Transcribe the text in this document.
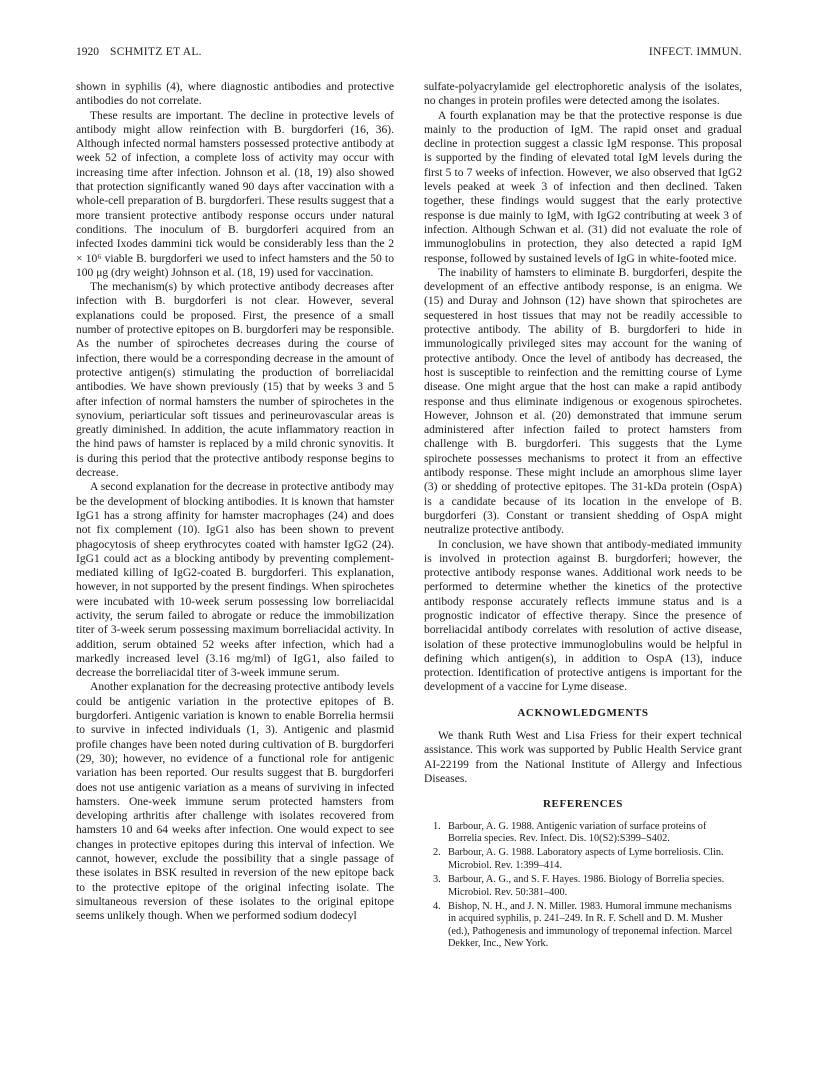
1920 SCHMITZ ET AL.	INFECT. IMMUN.

shown in syphilis (4), where diagnostic antibodies and protective antibodies do not correlate.

These results are important. The decline in protective levels of antibody might allow reinfection with B. burgdorferi (16, 36). Although infected normal hamsters possessed protective antibody at week 52 of infection, a complete loss of activity may occur with increasing time after infection. Johnson et al. (18, 19) also showed that protection significantly waned 90 days after vaccination with a whole-cell preparation of B. burgdorferi. These results suggest that a more transient protective antibody response occurs under natural conditions. The inoculum of B. burgdorferi acquired from an infected Ixodes dammini tick would be considerably less than the 2 × 10⁶ viable B. burgdorferi we used to infect hamsters and the 50 to 100 μg (dry weight) Johnson et al. (18, 19) used for vaccination.

The mechanism(s) by which protective antibody decreases after infection with B. burgdorferi is not clear. However, several explanations could be proposed. First, the presence of a small number of protective epitopes on B. burgdorferi may be responsible. As the number of spirochetes decreases during the course of infection, there would be a corresponding decrease in the amount of protective antigen(s) stimulating the production of borreliacidal antibodies. We have shown previously (15) that by weeks 3 and 5 after infection of normal hamsters the number of spirochetes in the synovium, periarticular soft tissues and perineurovascular areas is greatly diminished. In addition, the acute inflammatory reaction in the hind paws of hamster is replaced by a mild chronic synovitis. It is during this period that the protective antibody response begins to decrease.

A second explanation for the decrease in protective antibody may be the development of blocking antibodies. It is known that hamster IgG1 has a strong affinity for hamster macrophages (24) and does not fix complement (10). IgG1 also has been shown to prevent phagocytosis of sheep erythrocytes coated with hamster IgG2 (24). IgG1 could act as a blocking antibody by preventing complement-mediated killing of IgG2-coated B. burgdorferi. This explanation, however, in not supported by the present findings. When spirochetes were incubated with 10-week serum possessing low borreliacidal activity, the serum failed to abrogate or reduce the immobilization titer of 3-week serum possessing maximum borreliacidal activity. In addition, serum obtained 52 weeks after infection, which had a markedly increased level (3.16 mg/ml) of IgG1, also failed to decrease the borreliacidal titer of 3-week immune serum.

Another explanation for the decreasing protective antibody levels could be antigenic variation in the protective epitopes of B. burgdorferi. Antigenic variation is known to enable Borrelia hermsii to survive in infected individuals (1, 3). Antigenic and plasmid profile changes have been noted during cultivation of B. burgdorferi (29, 30); however, no evidence of a functional role for antigenic variation has been reported. Our results suggest that B. burgdorferi does not use antigenic variation as a means of surviving in infected hamsters. One-week immune serum protected hamsters from developing arthritis after challenge with isolates recovered from hamsters 10 and 64 weeks after infection. One would expect to see changes in protective epitopes during this interval of infection. We cannot, however, exclude the possibility that a single passage of these isolates in BSK resulted in reversion of the new epitope back to the protective epitope of the original infecting isolate. The simultaneous reversion of these isolates to the original epitope seems unlikely though. When we performed sodium dodecyl

sulfate-polyacrylamide gel electrophoretic analysis of the isolates, no changes in protein profiles were detected among the isolates.

A fourth explanation may be that the protective response is due mainly to the production of IgM. The rapid onset and gradual decline in protection suggest a classic IgM response. This proposal is supported by the finding of elevated total IgM levels during the first 5 to 7 weeks of infection. However, we also observed that IgG2 levels peaked at week 3 of infection and then declined. Taken together, these findings would suggest that the early protective response is due mainly to IgM, with IgG2 contributing at week 3 of infection. Although Schwan et al. (31) did not evaluate the role of immunoglobulins in protection, they also detected a rapid IgM response, followed by sustained levels of IgG in white-footed mice.

The inability of hamsters to eliminate B. burgdorferi, despite the development of an effective antibody response, is an enigma. We (15) and Duray and Johnson (12) have shown that spirochetes are sequestered in host tissues that may not be readily accessible to protective antibody. The ability of B. burgdorferi to hide in immunologically privileged sites may account for the waning of protective antibody. Once the level of antibody has decreased, the host is susceptible to reinfection and the remitting course of Lyme disease. One might argue that the host can make a rapid antibody response and thus eliminate indigenous or exogenous spirochetes. However, Johnson et al. (20) demonstrated that immune serum administered after infection failed to protect hamsters from challenge with B. burgdorferi. This suggests that the Lyme spirochete possesses mechanisms to protect it from an effective antibody response. These might include an amorphous slime layer (3) or shedding of protective epitopes. The 31-kDa protein (OspA) is a candidate because of its location in the envelope of B. burgdorferi (3). Constant or transient shedding of OspA might neutralize protective antibody.

In conclusion, we have shown that antibody-mediated immunity is involved in protection against B. burgdorferi; however, the protective antibody response wanes. Additional work needs to be performed to determine whether the kinetics of the protective antibody response accurately reflects immune status and is a prognostic indicator of effective therapy. Since the presence of borreliacidal antibody correlates with resolution of active disease, isolation of these protective immunoglobulins would be helpful in defining which antigen(s), in addition to OspA (13), induce protection. Identification of protective antigens is important for the development of a vaccine for Lyme disease.

ACKNOWLEDGMENTS

We thank Ruth West and Lisa Friess for their expert technical assistance. This work was supported by Public Health Service grant AI-22199 from the National Institute of Allergy and Infectious Diseases.

REFERENCES
1. Barbour, A. G. 1988. Antigenic variation of surface proteins of Borrelia species. Rev. Infect. Dis. 10(S2):S399–S402.
2. Barbour, A. G. 1988. Laboratory aspects of Lyme borreliosis. Clin. Microbiol. Rev. 1:399–414.
3. Barbour, A. G., and S. F. Hayes. 1986. Biology of Borrelia species. Microbiol. Rev. 50:381–400.
4. Bishop, N. H., and J. N. Miller. 1983. Humoral immune mechanisms in acquired syphilis, p. 241–249. In R. F. Schell and D. M. Musher (ed.), Pathogenesis and immunology of treponemal infection. Marcel Dekker, Inc., New York.
